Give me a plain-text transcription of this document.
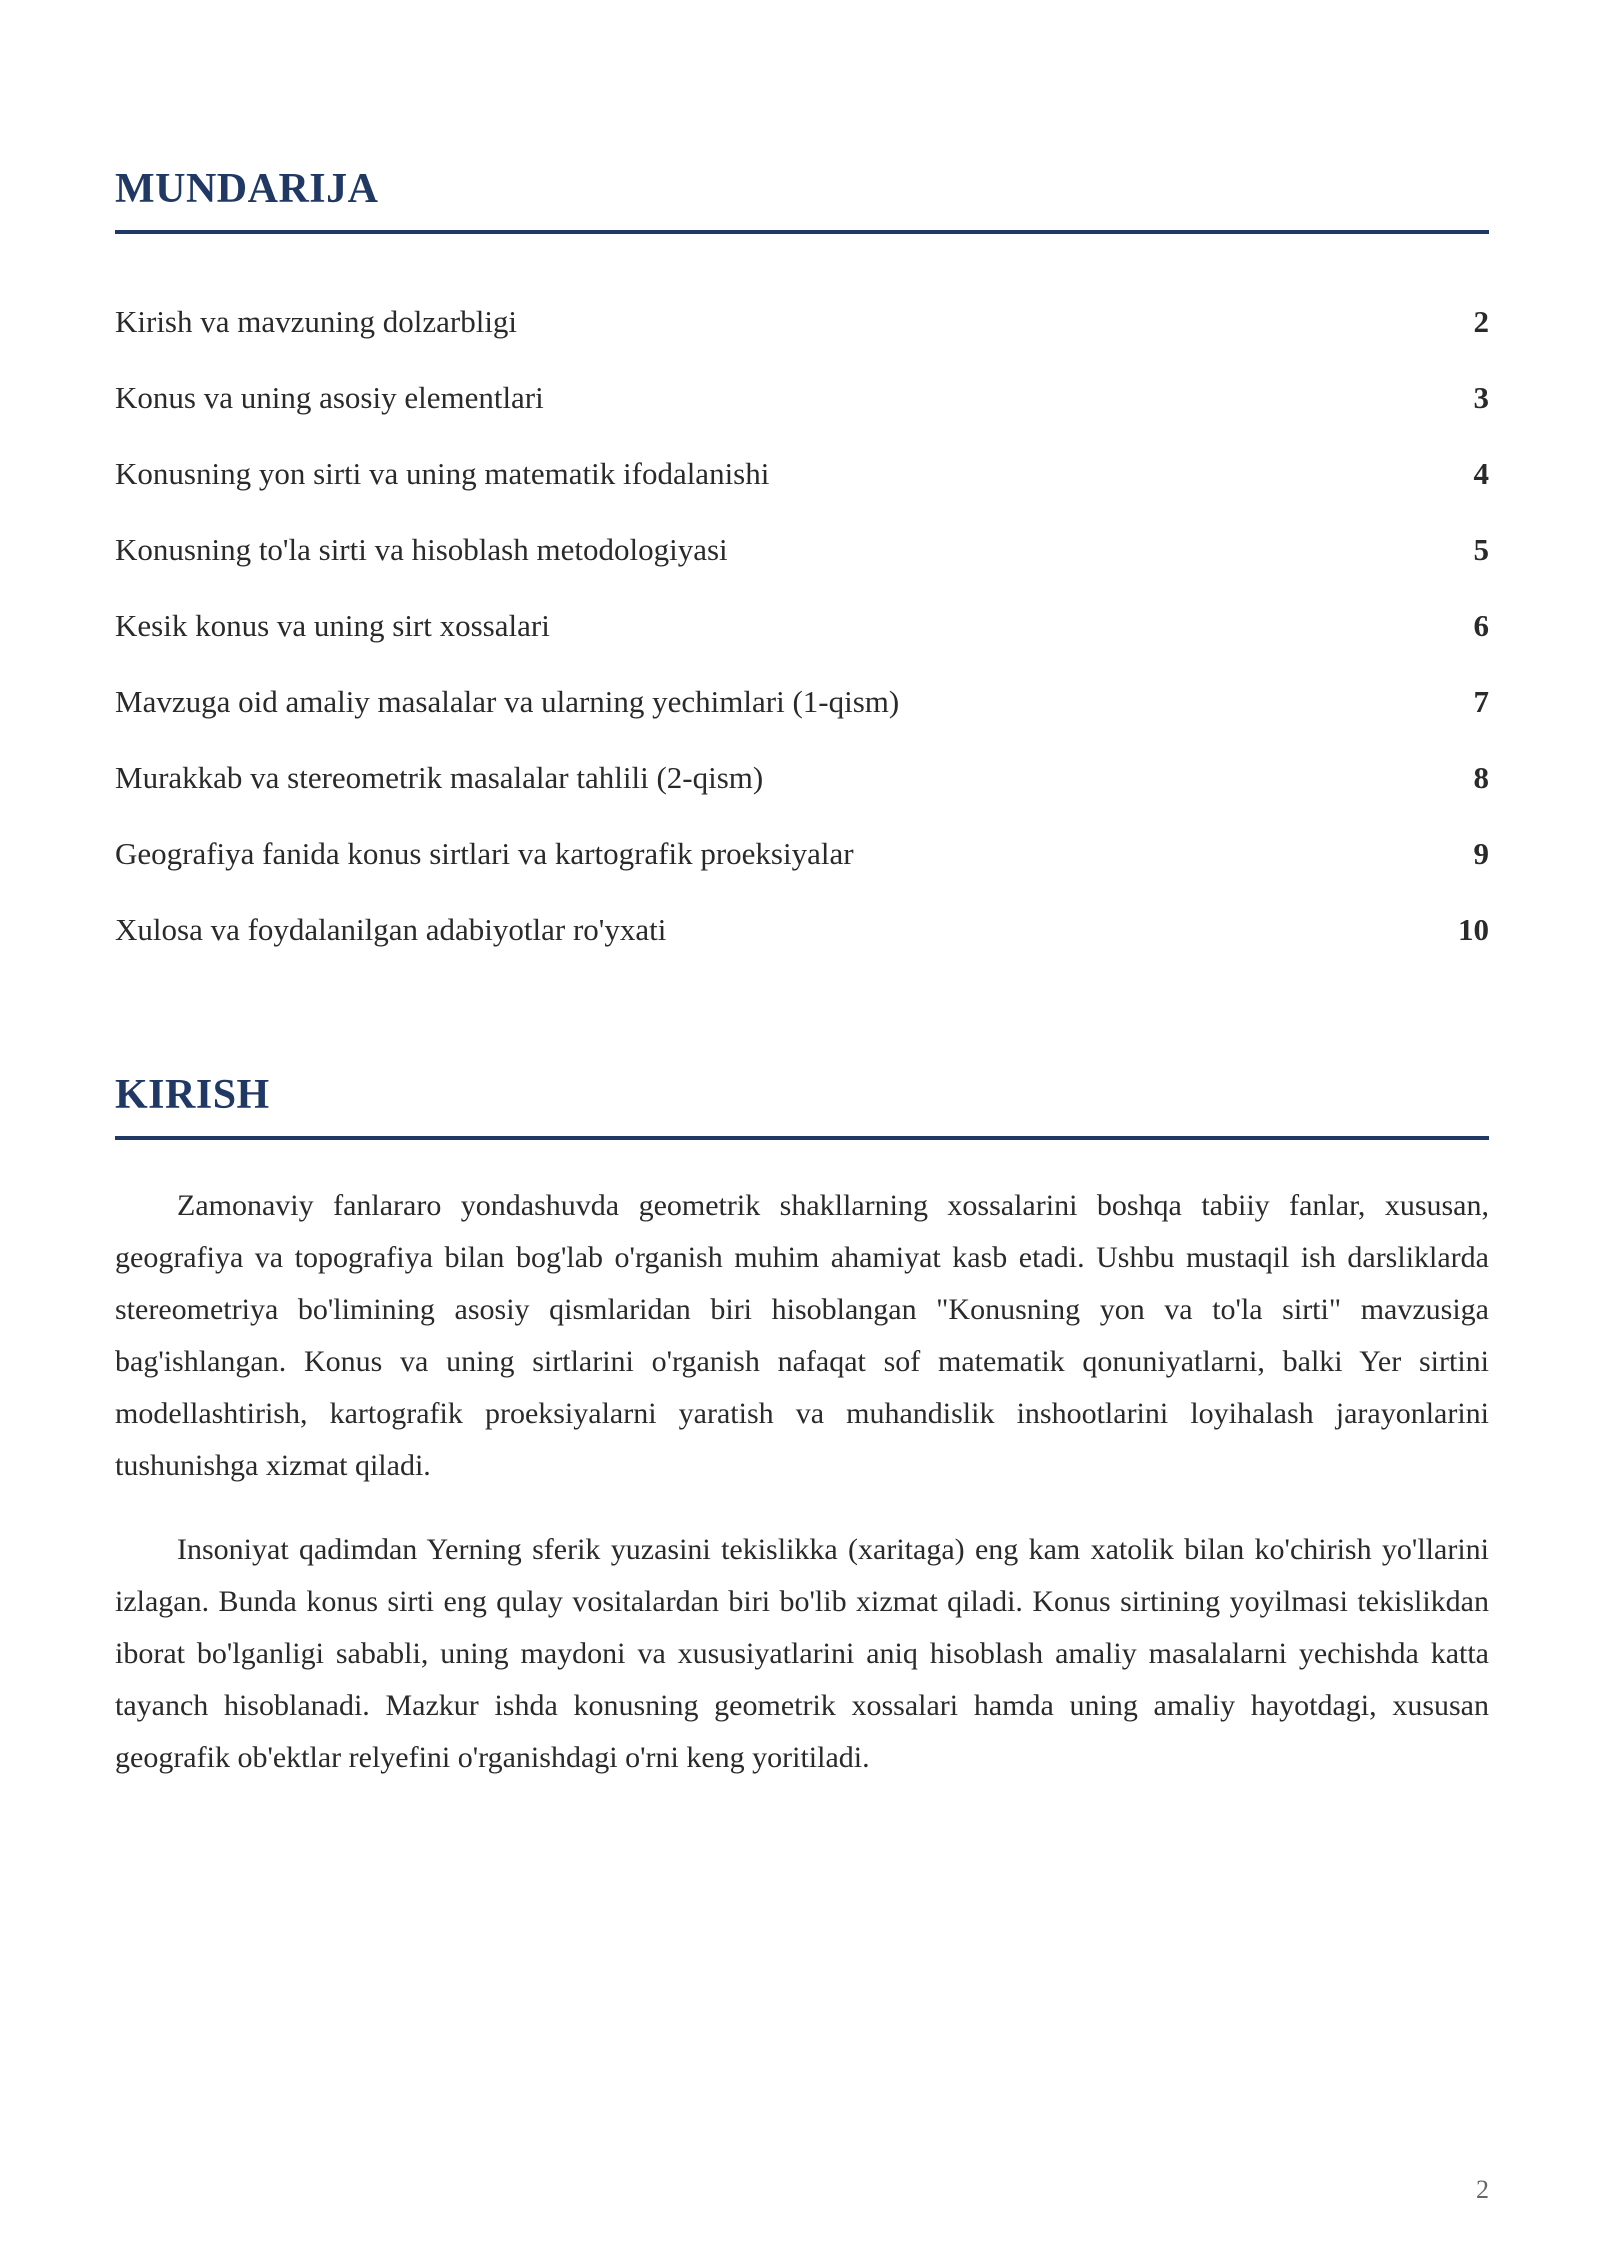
MUNDARIJA
Kirish va mavzuning dolzarbligi	2
Konus va uning asosiy elementlari	3
Konusning yon sirti va uning matematik ifodalanishi	4
Konusning to'la sirti va hisoblash metodologiyasi	5
Kesik konus va uning sirt xossalari	6
Mavzuga oid amaliy masalalar va ularning yechimlari (1-qism)	7
Murakkab va stereometrik masalalar tahlili (2-qism)	8
Geografiya fanida konus sirtlari va kartografik proeksiyalar	9
Xulosa va foydalanilgan adabiyotlar ro'yxati	10
KIRISH

Zamonaviy fanlararo yondashuvda geometrik shakllarning xossalarini boshqa tabiiy fanlar, xususan, geografiya va topografiya bilan bog'lab o'rganish muhim ahamiyat kasb etadi. Ushbu mustaqil ish darsliklarda stereometriya bo'limining asosiy qismlaridan biri hisoblangan "Konusning yon va to'la sirti" mavzusiga bag'ishlangan. Konus va uning sirtlarini o'rganish nafaqat sof matematik qonuniyatlarni, balki Yer sirtini modellashtirish, kartografik proeksiyalarni yaratish va muhandislik inshootlarini loyihalash jarayonlarini tushunishga xizmat qiladi.

Insoniyat qadimdan Yerning sferik yuzasini tekislikka (xaritaga) eng kam xatolik bilan ko'chirish yo'llarini izlagan. Bunda konus sirti eng qulay vositalardan biri bo'lib xizmat qiladi. Konus sirtining yoyilmasi tekislikdan iborat bo'lganligi sababli, uning maydoni va xususiyatlarini aniq hisoblash amaliy masalalarni yechishda katta tayanch hisoblanadi. Mazkur ishda konusning geometrik xossalari hamda uning amaliy hayotdagi, xususan geografik ob'ektlar relyefini o'rganishdagi o'rni keng yoritiladi.

2
